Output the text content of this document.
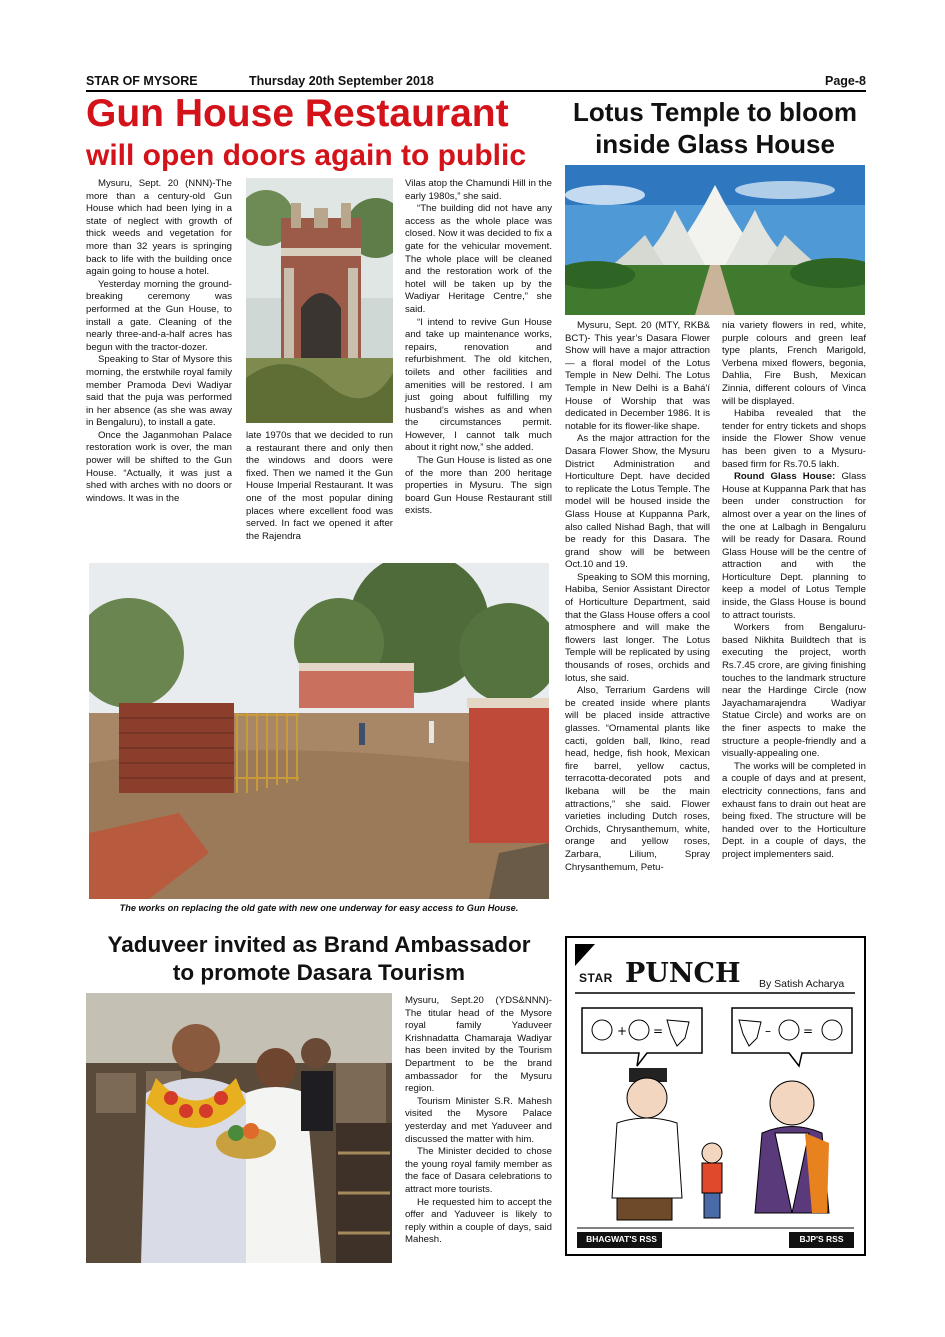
STAR OF MYSORE	Thursday 20th September 2018	Page-8
Gun House Restaurant
will open doors again to public

Mysuru, Sept. 20 (NNN)-The more than a century-old Gun House which had been lying in a state of neglect with growth of thick weeds and vegetation for more than 32 years is springing back to life with the building once again going to house a hotel.

Yesterday morning the ground-breaking ceremony was performed at the Gun House, to install a gate. Cleaning of the nearly three-and-a-half acres has begun with the tractor-dozer.

Speaking to Star of Mysore this morning, the erstwhile royal family member Pramoda Devi Wadiyar said that the puja was performed in her absence (as she was away in Bengaluru), to install a gate.

Once the Jaganmohan Palace restoration work is over, the man power will be shifted to the Gun House. “Actually, it was just a shed with arches with no doors or windows. It was in the

late 1970s that we decided to run a restaurant there and only then the windows and doors were fixed. Then we named it the Gun House Imperial Restaurant. It was one of the most popular dining places where excellent food was served. In fact we opened it after the Rajendra

Vilas atop the Chamundi Hill in the early 1980s,” she said.

“The building did not have any access as the whole place was closed. Now it was decided to fix a gate for the vehicular movement. The whole place will be cleaned and the restoration work of the hotel will be taken up by the Wadiyar Heritage Centre,” she said.

“I intend to revive Gun House and take up maintenance works, repairs, renovation and refurbishment. The old kitchen, toilets and other facilities and amenities will be restored. I am just going about fulfilling my husband’s wishes as and when the circumstances permit. However, I cannot talk much about it right now,” she added.

The Gun House is listed as one of the more than 200 heritage properties in Mysuru. The sign board Gun House Restaurant still exists.

The works on replacing the old gate with new one underway for easy access to Gun House.
Lotus Temple to bloom
inside Glass House

Mysuru, Sept. 20 (MTY, RKB& BCT)- This year’s Dasara Flower Show will have a major attraction — a floral model of the Lotus Temple in New Delhi. The Lotus Temple in New Delhi is a Bahá'í House of Worship that was dedicated in December 1986. It is notable for its flower-like shape.

As the major attraction for the Dasara Flower Show, the Mysuru District Administration and Horticulture Dept. have decided to replicate the Lotus Temple. The model will be housed inside the Glass House at Kuppanna Park, also called Nishad Bagh, that will be ready for this Dasara. The grand show will be between Oct.10 and 19.

Speaking to SOM this morning, Habiba, Senior Assistant Director of Horticulture Department, said that the Glass House offers a cool atmosphere and will make the flowers last longer. The Lotus Temple will be replicated by using thousands of roses, orchids and lotus, she said.

Also, Terrarium Gardens will be created inside where plants will be placed inside attractive glasses. “Ornamental plants like cacti, golden ball, Ikino, read head, hedge, fish hook, Mexican fire barrel, yellow cactus, terracotta-decorated pots and Ikebana will be the main attractions,” she said. Flower varieties including Dutch roses, Orchids, Chrysanthemum, white, orange and yellow roses, Zarbara, Lilium, Spray Chrysanthemum, Petu-

nia variety flowers in red, white, purple colours and green leaf type plants, French Marigold, Verbena mixed flowers, begonia, Dahlia, Fire Bush, Mexican Zinnia, different colours of Vinca will be displayed.

Habiba revealed that the tender for entry tickets and shops inside the Flower Show venue has been given to a Mysuru-based firm for Rs.70.5 lakh.

Round Glass House: Glass House at Kuppanna Park that has been under construction for almost over a year on the lines of the one at Lalbagh in Bengaluru will be ready for Dasara. Round Glass House will be the centre of attraction and with the Horticulture Dept. planning to keep a model of Lotus Temple inside, the Glass House is bound to attract tourists.

Workers from Bengaluru-based Nikhita Buildtech that is executing the project, worth Rs.7.45 crore, are giving finishing touches to the landmark structure near the Hardinge Circle (now Jayachamarajendra Wadiyar Statue Circle) and works are on the finer aspects to make the structure a people-friendly and a visually-appealing one.

The works will be completed in a couple of days and at present, electricity connections, fans and exhaust fans to drain out heat are being fixed. The structure will be handed over to the Horticulture Dept. in a couple of days, the project implementers said.

Yaduveer invited as Brand Ambassador
to promote Dasara Tourism

Mysuru, Sept.20 (YDS&NNN)- The titular head of the Mysore royal family Yaduveer Krishnadatta Chamaraja Wadiyar has been invited by the Tourism Department to be the brand ambassador for the Mysuru region.

Tourism Minister S.R. Mahesh visited the Mysore Palace yesterday and met Yaduveer and discussed the matter with him.

The Minister decided to chose the young royal family member as the face of Dasara celebrations to attract more tourists.

He requested him to accept the offer and Yaduveer is likely to reply within a couple of days, said Mahesh.

+ =	–	=
STAR PUNCH By Satish Acharya
BHAGWAT'S RSS	BJP'S RSS
